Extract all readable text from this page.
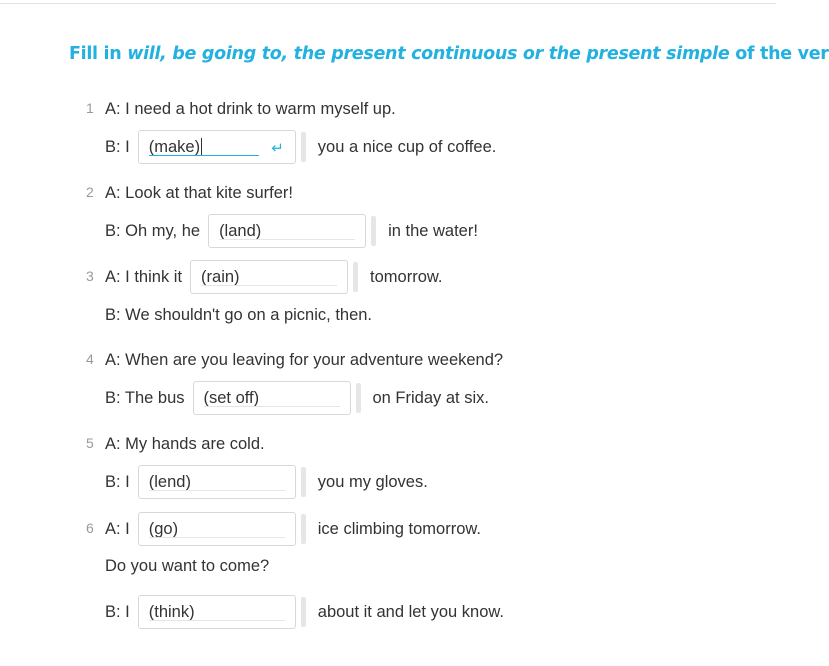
Fill in will, be going to, the present continuous or the present simple of the ver
1 A: I need a hot drink to warm myself up.
B: I (make)	↵ you a nice cup of coffee.
2 A: Look at that kite surfer!
B: Oh my, he (land)	in the water!
3 A: I think it (rain)	tomorrow.
B: We shouldn't go on a picnic, then.
4 A: When are you leaving for your adventure weekend?
B: The bus (set off)	on Friday at six.
5 A: My hands are cold.
B: I (lend)	you my gloves.
6 A: I (go)	ice climbing tomorrow.
Do you want to come?
B: I (think)	about it and let you know.
